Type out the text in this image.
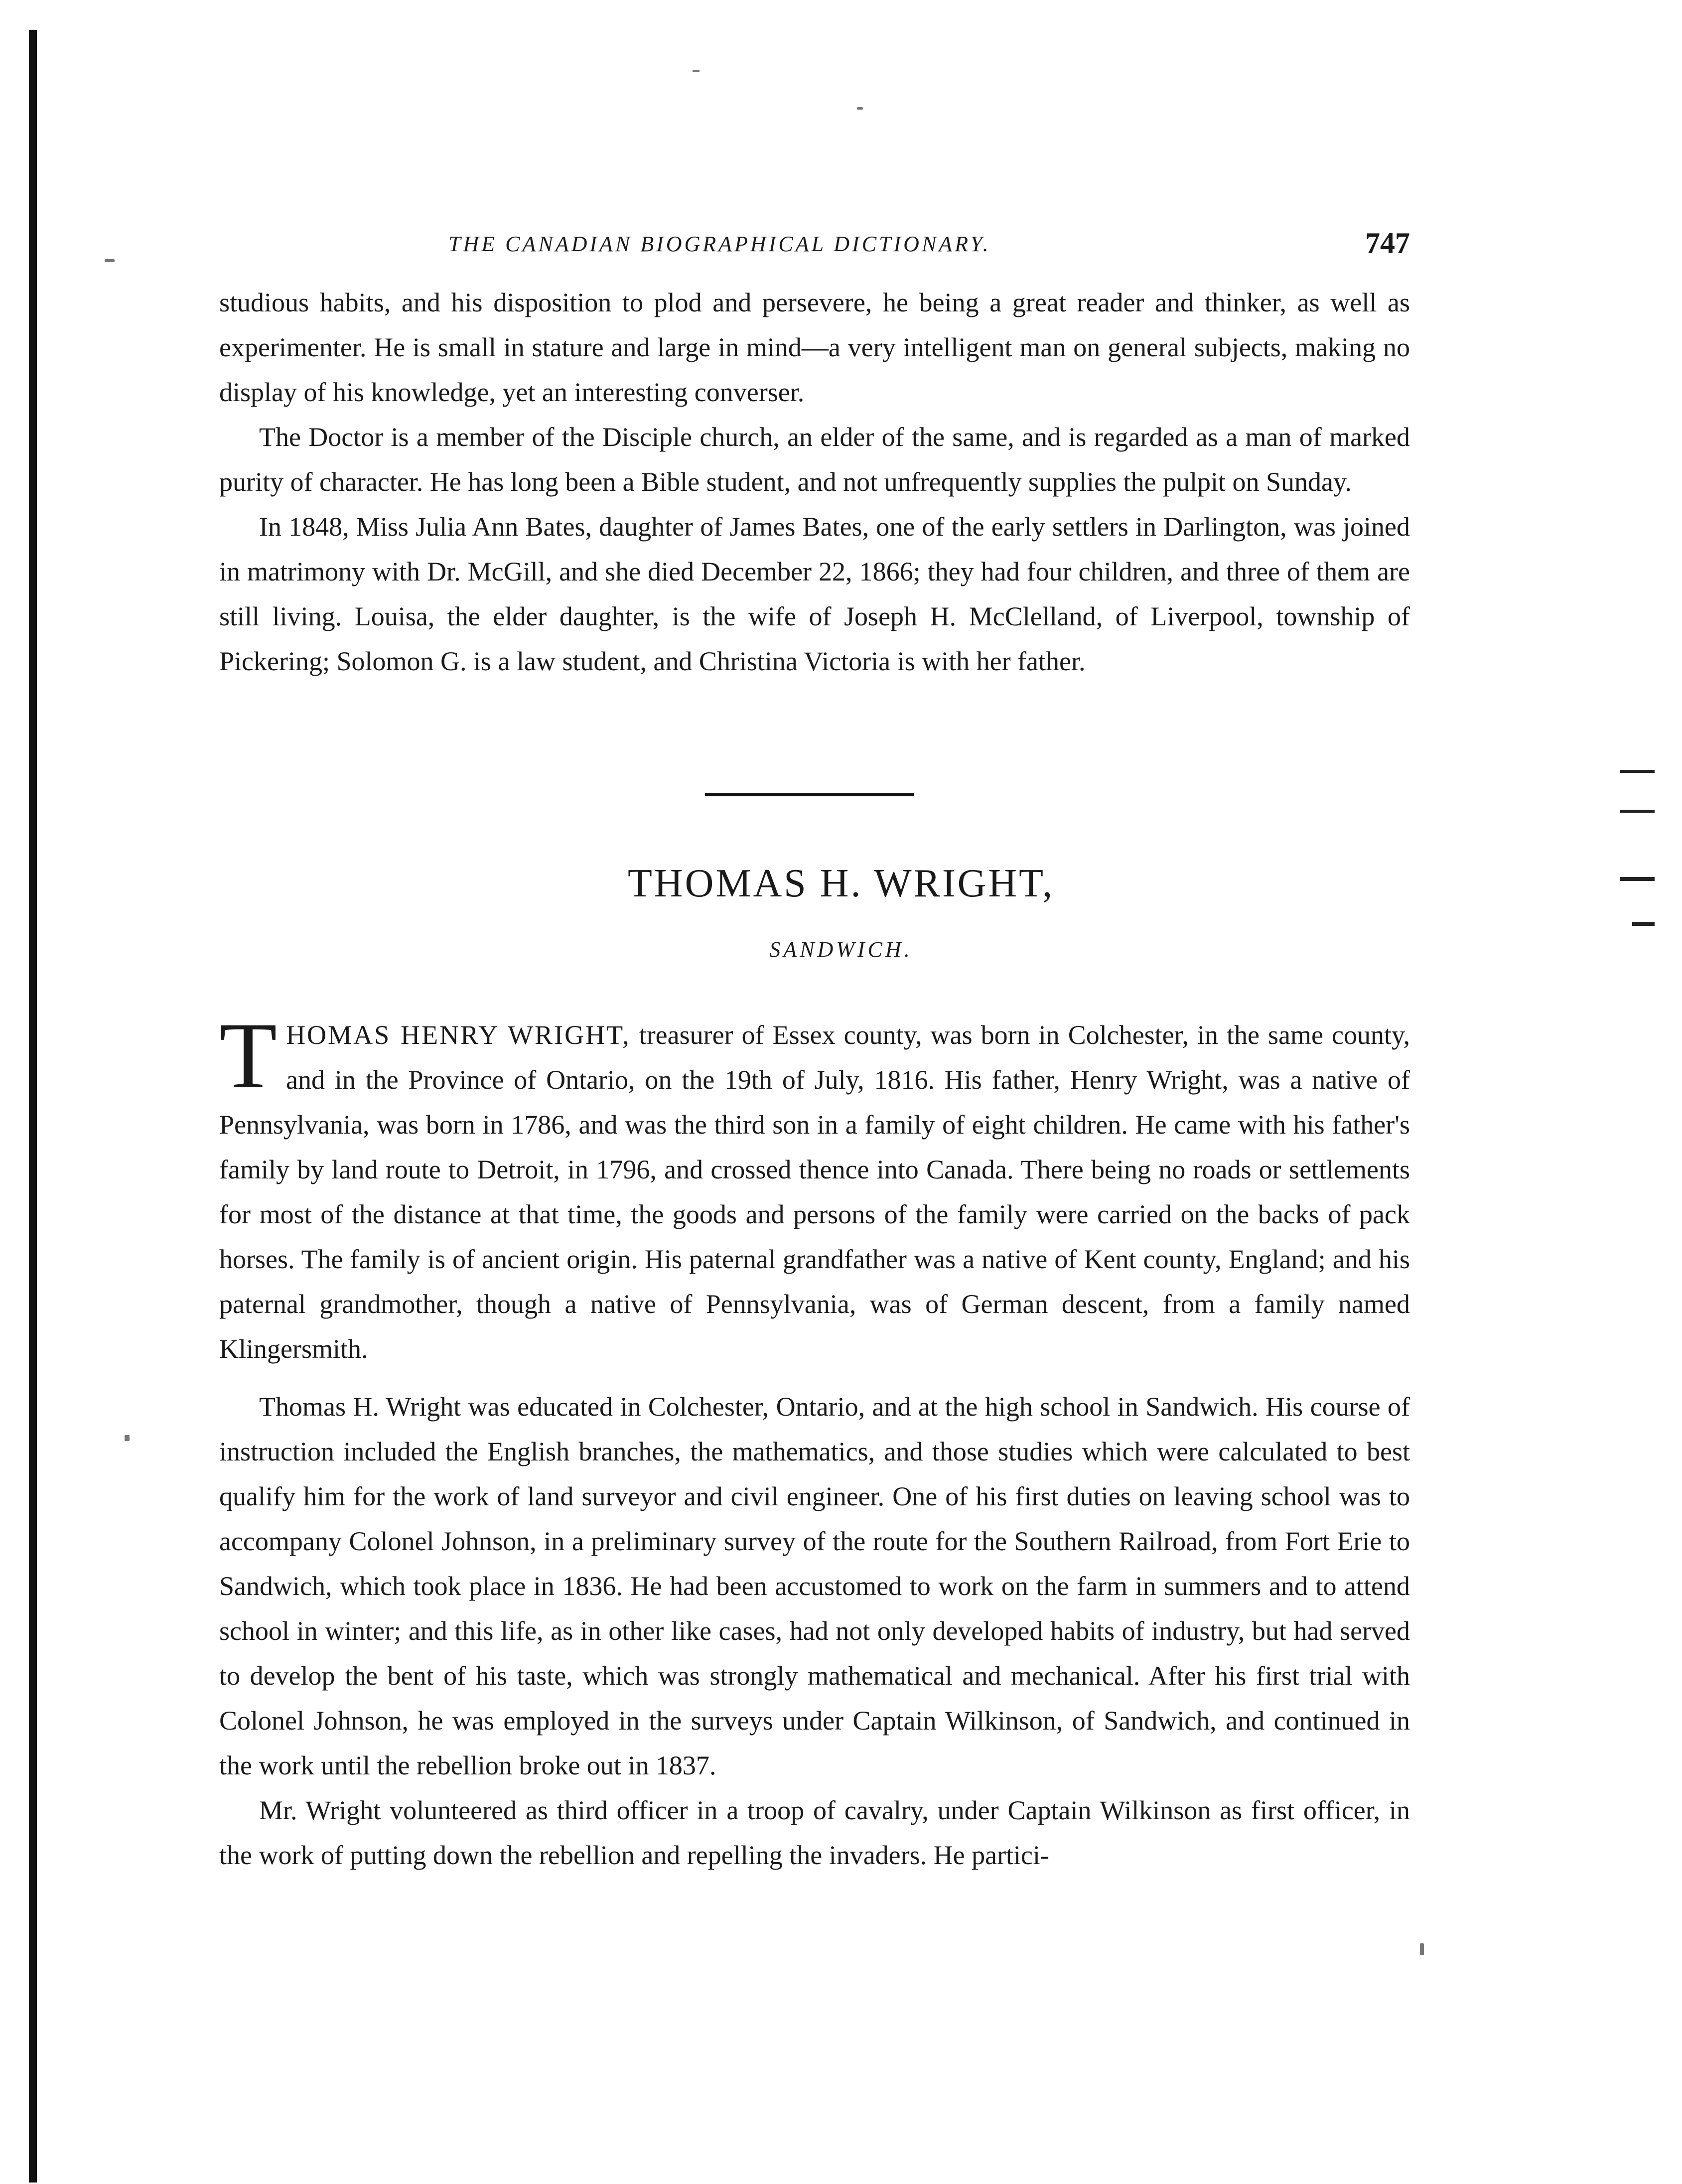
THE CANADIAN BIOGRAPHICAL DICTIONARY.	747

studious habits, and his disposition to plod and persevere, he being a great reader and thinker, as well as experimenter. He is small in stature and large in mind—a very intelligent man on general subjects, making no display of his knowledge, yet an interesting converser.

The Doctor is a member of the Disciple church, an elder of the same, and is regarded as a man of marked purity of character. He has long been a Bible student, and not unfrequently supplies the pulpit on Sunday.

In 1848, Miss Julia Ann Bates, daughter of James Bates, one of the early settlers in Darlington, was joined in matrimony with Dr. McGill, and she died December 22, 1866; they had four children, and three of them are still living. Louisa, the elder daughter, is the wife of Joseph H. McClelland, of Liverpool, township of Pickering; Solomon G. is a law student, and Christina Victoria is with her father.

THOMAS H. WRIGHT,
SANDWICH.

THOMAS HENRY WRIGHT, treasurer of Essex county, was born in Colchester, in the same county, and in the Province of Ontario, on the 19th of July, 1816. His father, Henry Wright, was a native of Pennsylvania, was born in 1786, and was the third son in a family of eight children. He came with his father's family by land route to Detroit, in 1796, and crossed thence into Canada. There being no roads or settlements for most of the distance at that time, the goods and persons of the family were carried on the backs of pack horses. The family is of ancient origin. His paternal grandfather was a native of Kent county, England; and his paternal grandmother, though a native of Pennsylvania, was of German descent, from a family named Klingersmith.

Thomas H. Wright was educated in Colchester, Ontario, and at the high school in Sandwich. His course of instruction included the English branches, the mathematics, and those studies which were calculated to best qualify him for the work of land surveyor and civil engineer. One of his first duties on leaving school was to accompany Colonel Johnson, in a preliminary survey of the route for the Southern Railroad, from Fort Erie to Sandwich, which took place in 1836. He had been accustomed to work on the farm in summers and to attend school in winter; and this life, as in other like cases, had not only developed habits of industry, but had served to develop the bent of his taste, which was strongly mathematical and mechanical. After his first trial with Colonel Johnson, he was employed in the surveys under Captain Wilkinson, of Sandwich, and continued in the work until the rebellion broke out in 1837.

Mr. Wright volunteered as third officer in a troop of cavalry, under Captain Wilkinson as first officer, in the work of putting down the rebellion and repelling the invaders. He partici-
